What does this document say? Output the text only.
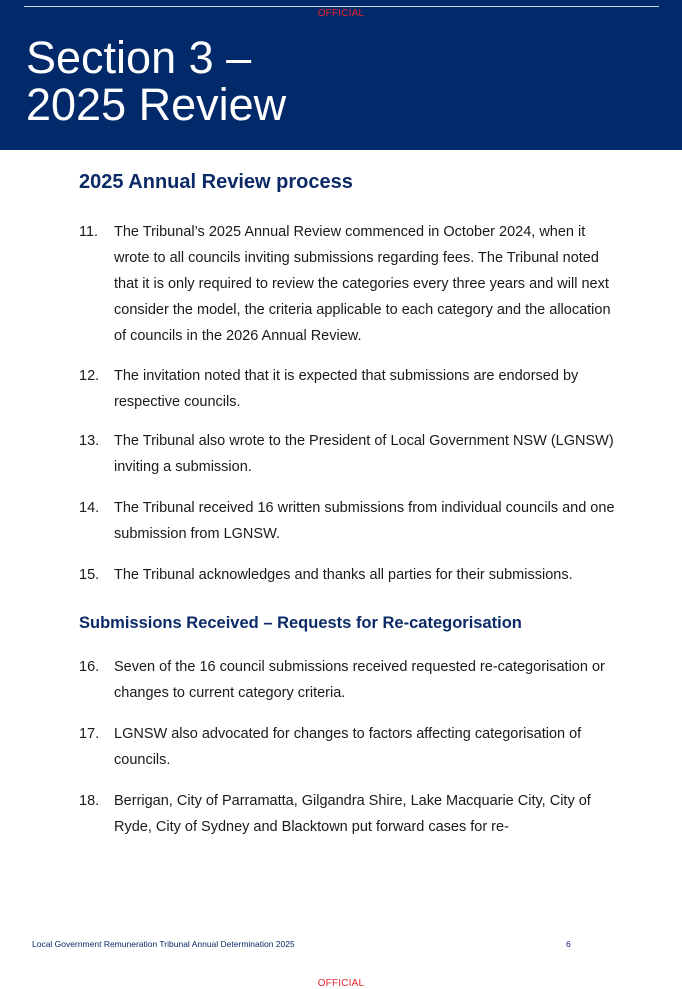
OFFICIAL
Section 3 –
2025 Review
2025 Annual Review process
11.	The Tribunal’s 2025 Annual Review commenced in October 2024, when it wrote to all councils inviting submissions regarding fees. The Tribunal noted that it is only required to review the categories every three years and will next consider the model, the criteria applicable to each category and the allocation of councils in the 2026 Annual Review.
12.	The invitation noted that it is expected that submissions are endorsed by respective councils.
13.	The Tribunal also wrote to the President of Local Government NSW (LGNSW) inviting a submission.
14.	The Tribunal received 16 written submissions from individual councils and one submission from LGNSW.
15.	The Tribunal acknowledges and thanks all parties for their submissions.
Submissions Received – Requests for Re-categorisation
16.	Seven of the 16 council submissions received requested re-categorisation or changes to current category criteria.
17.	LGNSW also advocated for changes to factors affecting categorisation of councils.
18.	Berrigan, City of Parramatta, Gilgandra Shire, Lake Macquarie City, City of Ryde, City of Sydney and Blacktown put forward cases for re-
Local Government Remuneration Tribunal Annual Determination 2025	6
OFFICIAL
